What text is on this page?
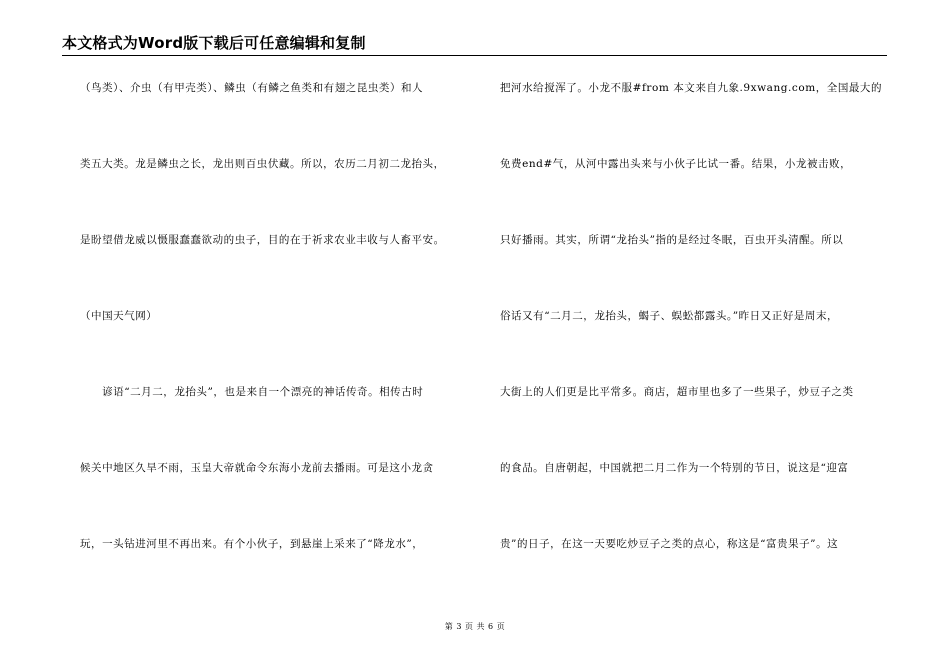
本文格式为Word版下载后可任意编辑和复制
（鸟类）、介虫（有甲壳类）、鳞虫（有鳞之鱼类和有翅之昆虫类）和人
类五大类。龙是鳞虫之长，龙出则百虫伏藏。所以，农历二月初二龙抬头，
是盼望借龙威以慑服蠢蠢欲动的虫子，目的在于祈求农业丰收与人畜平安。
（中国天气网）
　　谚语“二月二，龙抬头”，也是来自一个漂亮的神话传奇。相传古时
候关中地区久旱不雨，玉皇大帝就命令东海小龙前去播雨。可是这小龙贪
玩，一头钻进河里不再出来。有个小伙子，到悬崖上采来了“降龙水”，
把河水给搅浑了。小龙不服#from 本文来自九象.9xwang.com，全国最大的
免费end#气，从河中露出头来与小伙子比试一番。结果，小龙被击败，
只好播雨。其实，所谓“龙抬头”指的是经过冬眠，百虫开头清醒。所以
俗话又有“二月二，龙抬头，蝎子、蜈蚣都露头。”昨日又正好是周末，
大街上的人们更是比平常多。商店，超市里也多了一些果子，炒豆子之类
的食品。自唐朝起，中国就把二月二作为一个特别的节日，说这是“迎富
贵”的日子，在这一天要吃炒豆子之类的点心，称这是“富贵果子”。这
第 3 页 共 6 页
